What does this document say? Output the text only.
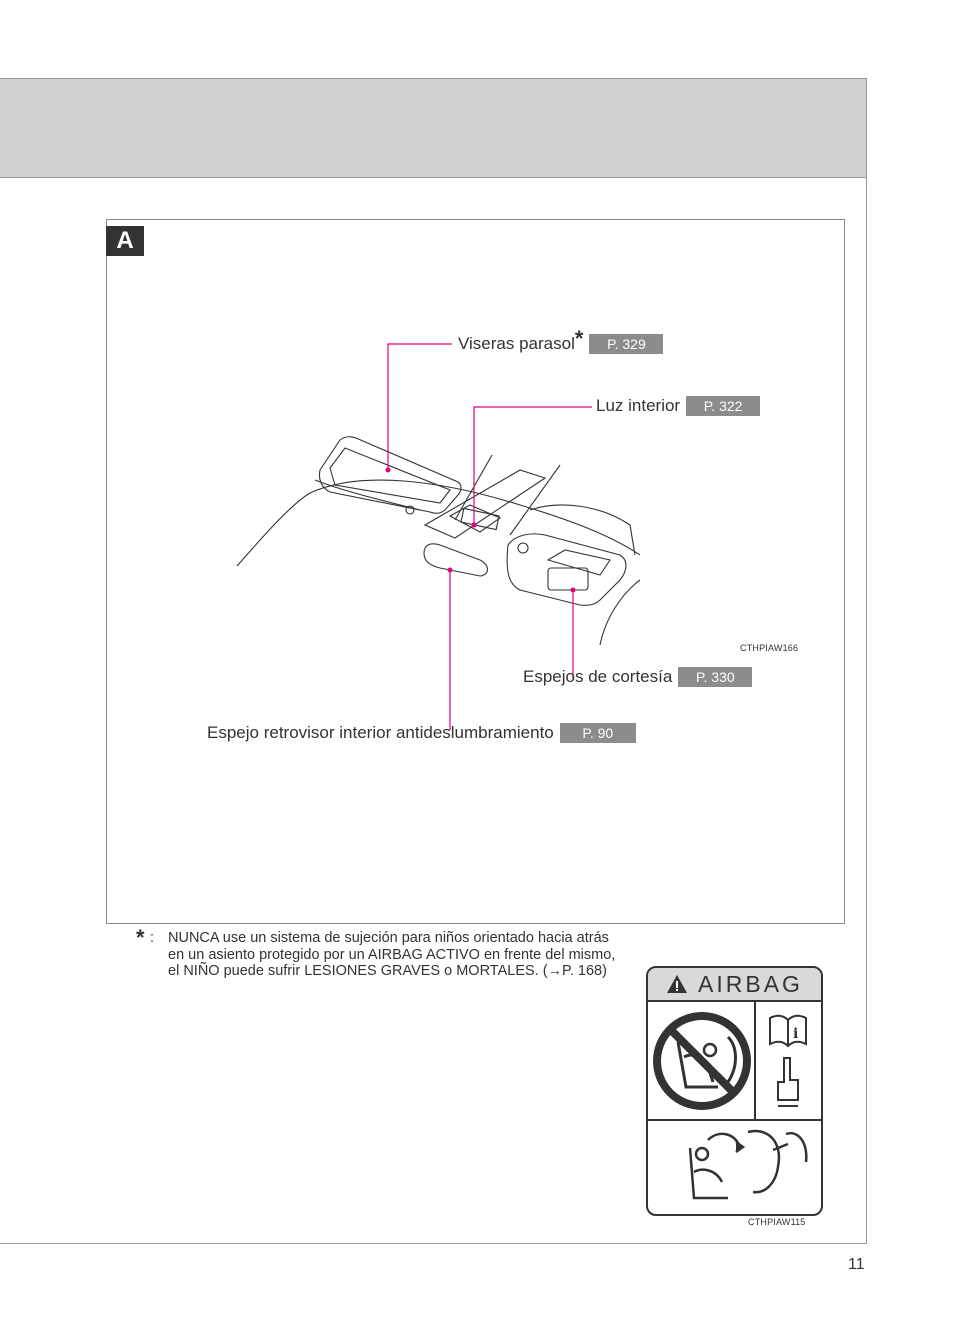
11
A
Viseras parasol *	P. 329
Luz interior	P. 322
CTHPIAW166
Espejos de cortesía	P. 330
Espejo retrovisor interior antideslumbramiento	P. 90
* : NUNCA use un sistema de sujeción para niños orientado hacia atrás en un asiento protegido por un AIRBAG ACTIVO en frente del mismo, el NIÑO puede sufrir LESIONES GRAVES o MORTALES. (→P. 168)	AIRBAG
i
CTHPIAW115
